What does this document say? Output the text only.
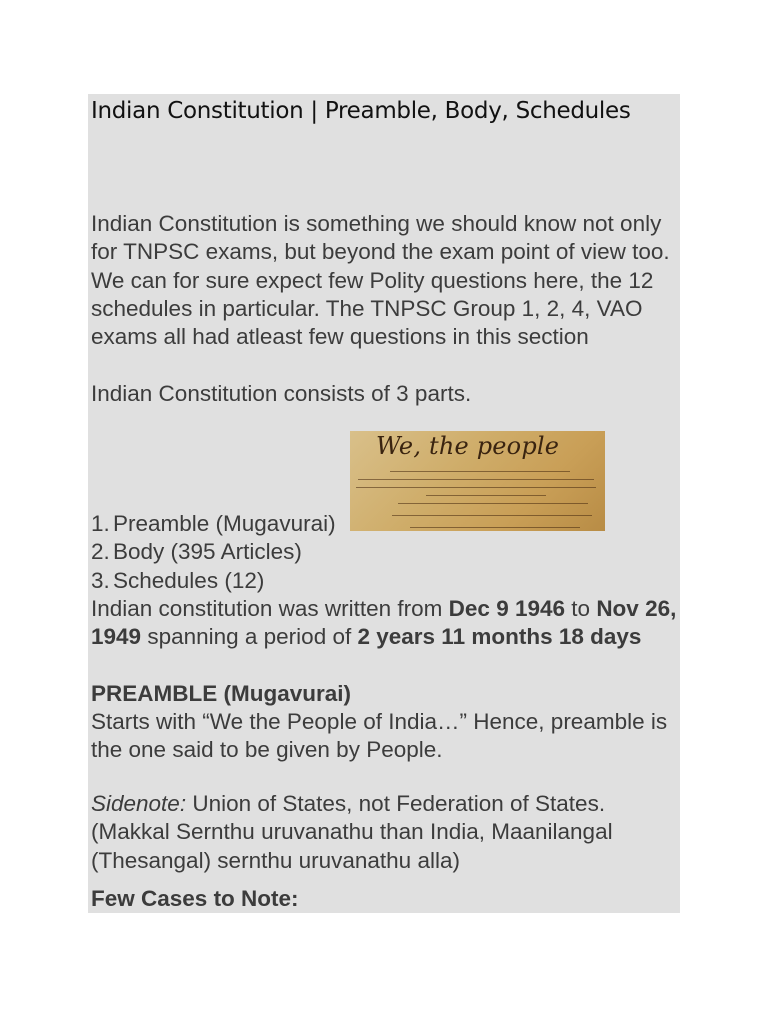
Indian Constitution | Preamble, Body, Schedules

Indian Constitution is something we should know not only for TNPSC exams, but beyond the exam point of view too. We can for sure expect few Polity questions here, the 12 schedules in particular. The TNPSC Group 1, 2, 4, VAO exams all had atleast few questions in this section

Indian Constitution consists of 3 parts.

We, the people
1. Preamble (Mugavurai)
2. Body (395 Articles)
3. Schedules (12)

Indian constitution was written from Dec 9 1946 to Nov 26, 1949 spanning a period of 2 years 11 months 18 days

PREAMBLE (Mugavurai)

Starts with “We the People of India…” Hence, preamble is the one said to be given by People.

Sidenote: Union of States, not Federation of States. (Makkal Sernthu uruvanathu than India, Maanilangal (Thesangal) sernthu uruvanathu alla)

Few Cases to Note:
